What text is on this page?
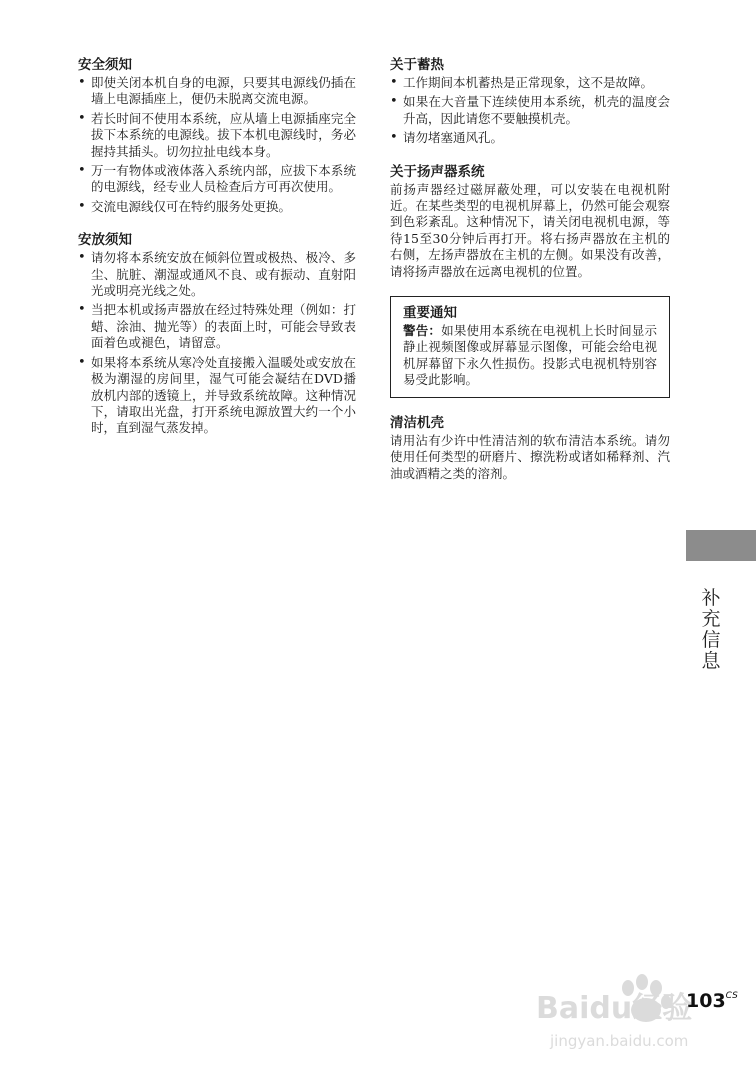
安全须知
• 即使关闭本机自身的电源，只要其电源线仍插在墙上电源插座上，便仍未脱离交流电源。
• 若长时间不使用本系统，应从墙上电源插座完全拔下本系统的电源线。拔下本机电源线时，务必握持其插头。切勿拉扯电线本身。
• 万一有物体或液体落入系统内部，应拔下本系统的电源线，经专业人员检查后方可再次使用。
• 交流电源线仅可在特约服务处更换。
安放须知
• 请勿将本系统安放在倾斜位置或极热、极冷、多尘、肮脏、潮湿或通风不良、或有振动、直射阳光或明亮光线之处。
• 当把本机或扬声器放在经过特殊处理（例如：打蜡、涂油、抛光等）的表面上时，可能会导致表面着色或褪色，请留意。
• 如果将本系统从寒冷处直接搬入温暖处或安放在极为潮湿的房间里，湿气可能会凝结在DVD播放机内部的透镜上，并导致系统故障。这种情况下，请取出光盘，打开系统电源放置大约一个小时，直到湿气蒸发掉。
关于蓄热
• 工作期间本机蓄热是正常现象，这不是故障。
• 如果在大音量下连续使用本系统，机壳的温度会升高，因此请您不要触摸机壳。
• 请勿堵塞通风孔。
关于扬声器系统

前扬声器经过磁屏蔽处理，可以安装在电视机附近。在某些类型的电视机屏幕上，仍然可能会观察到色彩紊乱。这种情况下，请关闭电视机电源，等待15至30分钟后再打开。将右扬声器放在主机的右侧，左扬声器放在主机的左侧。如果没有改善，请将扬声器放在远离电视机的位置。

重要通知

警告：如果使用本系统在电视机上长时间显示静止视频图像或屏幕显示图像，可能会给电视机屏幕留下永久性损伤。投影式电视机特别容易受此影响。

清洁机壳

请用沾有少许中性清洁剂的软布清洁本系统。请勿使用任何类型的研磨片、擦洗粉或诸如稀释剂、汽油或酒精之类的溶剂。

补充信息
$103^{CS}$
Baidu经验
jingyan.baidu.com
